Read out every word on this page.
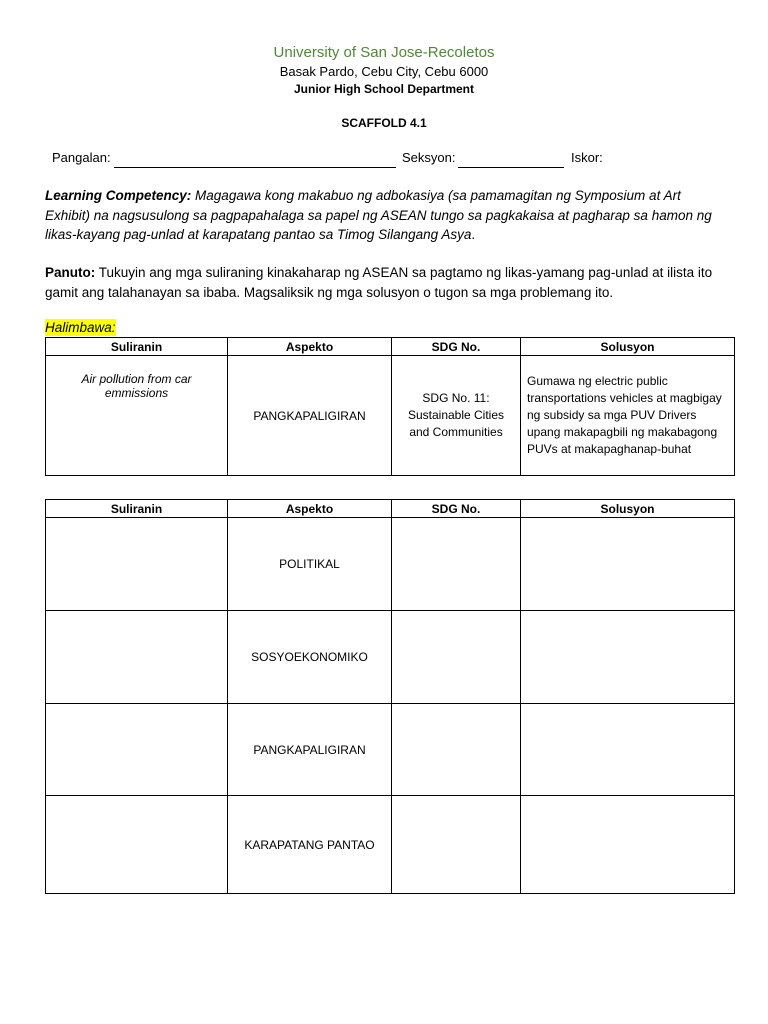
University of San Jose-Recoletos
Basak Pardo, Cebu City, Cebu 6000
Junior High School Department
SCAFFOLD 4.1
Pangalan:	Seksyon:	Iskor:
Learning Competency: Magagawa kong makabuo ng adbokasiya (sa pamamagitan ng Symposium at Art Exhibit) na nagsusulong sa pagpapahalaga sa papel ng ASEAN tungo sa pagkakaisa at pagharap sa hamon ng likas-kayang pag-unlad at karapatang pantao sa Timog Silangang Asya.
Panuto: Tukuyin ang mga suliraning kinakaharap ng ASEAN sa pagtamo ng likas-yamang pag-unlad at ilista ito gamit ang talahanayan sa ibaba. Magsaliksik ng mga solusyon o tugon sa mga problemang ito.
Halimbawa:
Suliranin	Aspekto	SDG No.	Solusyon
Air pollution from car emmissions	PANGKAPALIGIRAN	SDG No. 11: Sustainable Cities and Communities	Gumawa ng electric public transportations vehicles at magbigay ng subsidy sa mga PUV Drivers upang makapagbili ng makabagong PUVs at makapaghanap-buhat
Suliranin	Aspekto	SDG No.	Solusyon
	POLITIKAL		
	SOSYOEKONOMIKO		
	PANGKAPALIGIRAN		
	KARAPATANG PANTAO		
